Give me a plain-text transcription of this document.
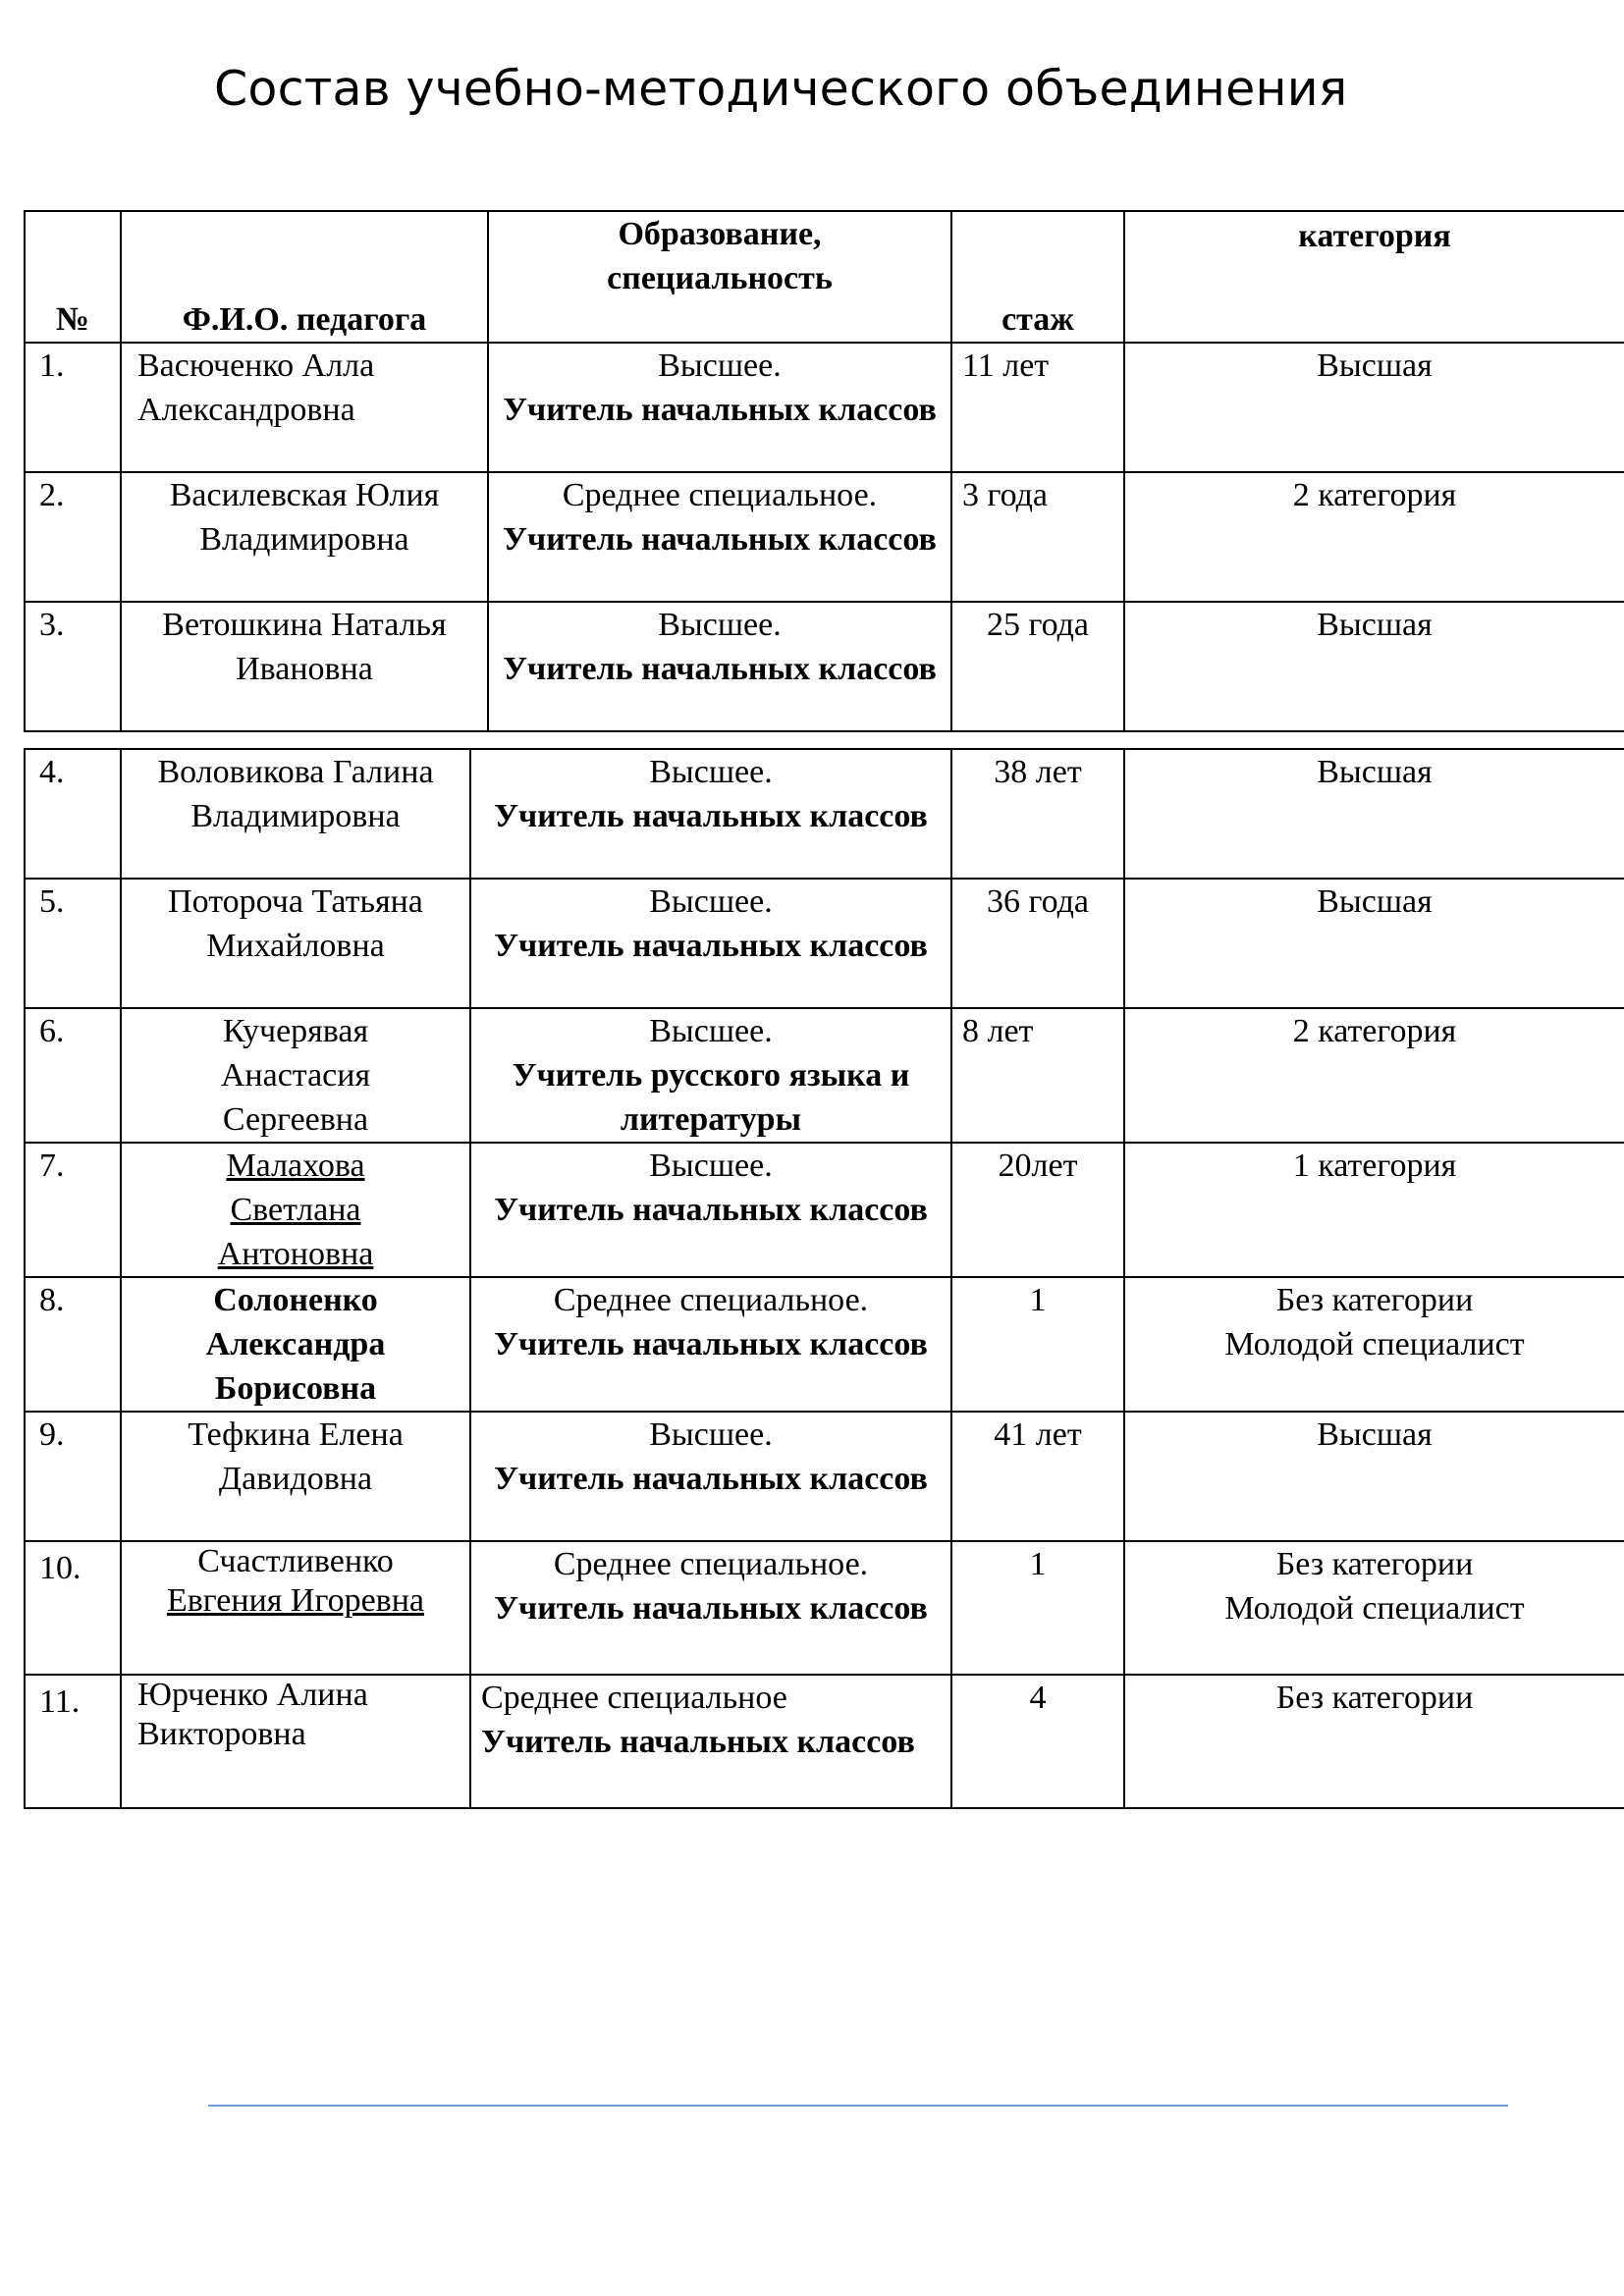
Состав учебно-методического объединения
№	Ф.И.О. педагога	Образование, специальность	стаж	категория
1.	Васюченко Алла Александровна	Высшее.
Учитель начальных классов	11 лет	Высшая
2.	Василевская Юлия Владимировна	Среднее специальное.
Учитель начальных классов	3 года	2 категория
3.	Ветошкина Наталья Ивановна	Высшее.
Учитель начальных классов	25 года	Высшая
4.	Воловикова Галина Владимировна	Высшее.
Учитель начальных классов	38 лет	Высшая
5.	Потороча Татьяна Михайловна	Высшее.
Учитель начальных классов	36 года	Высшая
6.	Кучерявая Анастасия Сергеевна	Высшее.
Учитель русского языка и литературы	8 лет	2 категория
7.	Малахова Светлана Антоновна	Высшее.
Учитель начальных классов	20лет	1 категория
8.	Солоненко Александра Борисовна	Среднее специальное.
Учитель начальных классов	1	Без категории
Молодой специалист

9.	Тефкина Елена Давидовна	Высшее.
Учитель начальных классов	41 лет	Высшая
10.	Счастливенко
Евгения Игоревна	Среднее специальное.
Учитель начальных классов	1	Без категории
Молодой специалист

11.	Юрченко Алина Викторовна	Среднее специальное
Учитель начальных классов	4	Без категории
